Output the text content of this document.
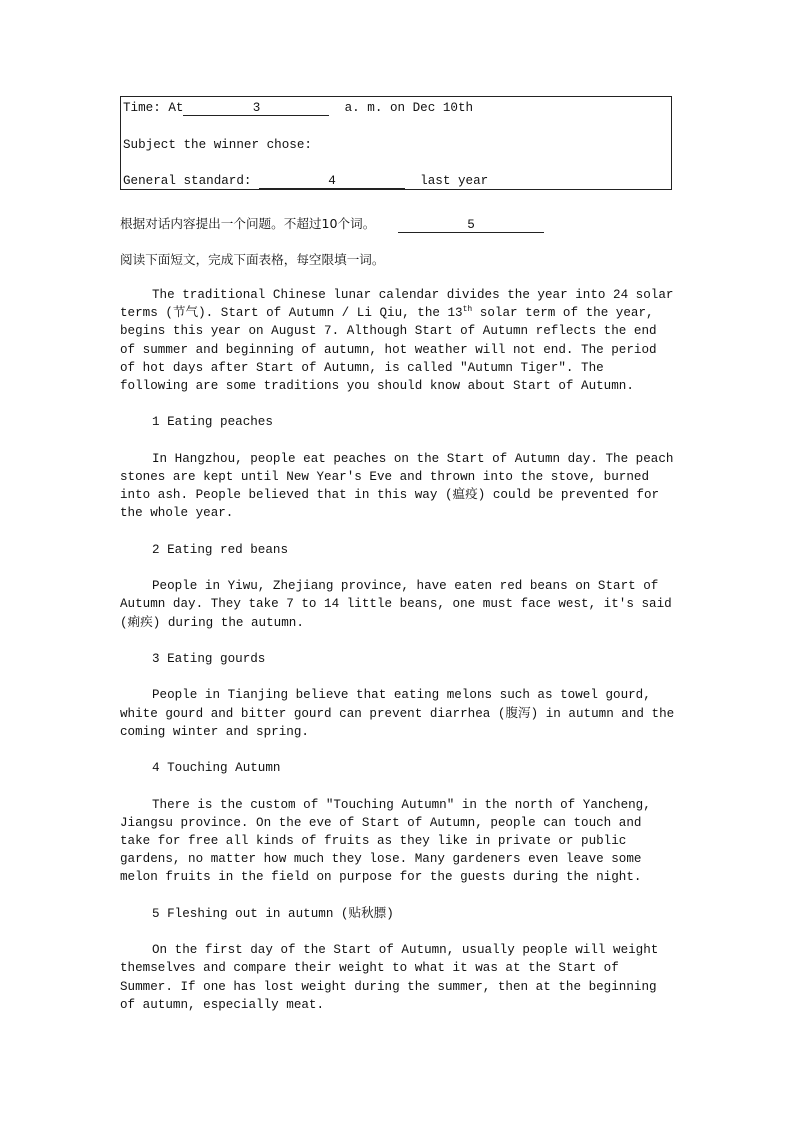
Time: At	3	a. m. on Dec 10th
Subject the winner chose:
General standard:	4	last year
根据对话内容提出一个问题。不超过10个词。	5
阅读下面短文，完成下面表格，每空限填一词。

The traditional Chinese lunar calendar divides the year into 24 solar terms (节气). Start of Autumn / Li Qiu, the 13th solar term of the year, begins this year on August 7. Although Start of Autumn reflects the end of summer and beginning of autumn, hot weather will not end. The period of hot days after Start of Autumn, is called "Autumn Tiger". The following are some traditions you should know about Start of Autumn.

1 Eating peaches

In Hangzhou, people eat peaches on the Start of Autumn day. The peach stones are kept until New Year's Eve and thrown into the stove, burned into ash. People believed that in this way (瘟疫) could be prevented for the whole year.

2 Eating red beans

People in Yiwu, Zhejiang province, have eaten red beans on Start of Autumn day. They take 7 to 14 little beans, one must face west, it's said (痢疾) during the autumn.

3 Eating gourds

People in Tianjing believe that eating melons such as towel gourd, white gourd and bitter gourd can prevent diarrhea (腹泻) in autumn and the coming winter and spring.

4 Touching Autumn

There is the custom of "Touching Autumn" in the north of Yancheng, Jiangsu province. On the eve of Start of Autumn, people can touch and take for free all kinds of fruits as they like in private or public gardens, no matter how much they lose. Many gardeners even leave some melon fruits in the field on purpose for the guests during the night.

5 Fleshing out in autumn (贴秋膘)

On the first day of the Start of Autumn, usually people will weight themselves and compare their weight to what it was at the Start of Summer. If one has lost weight during the summer, then at the beginning of autumn, especially meat.
